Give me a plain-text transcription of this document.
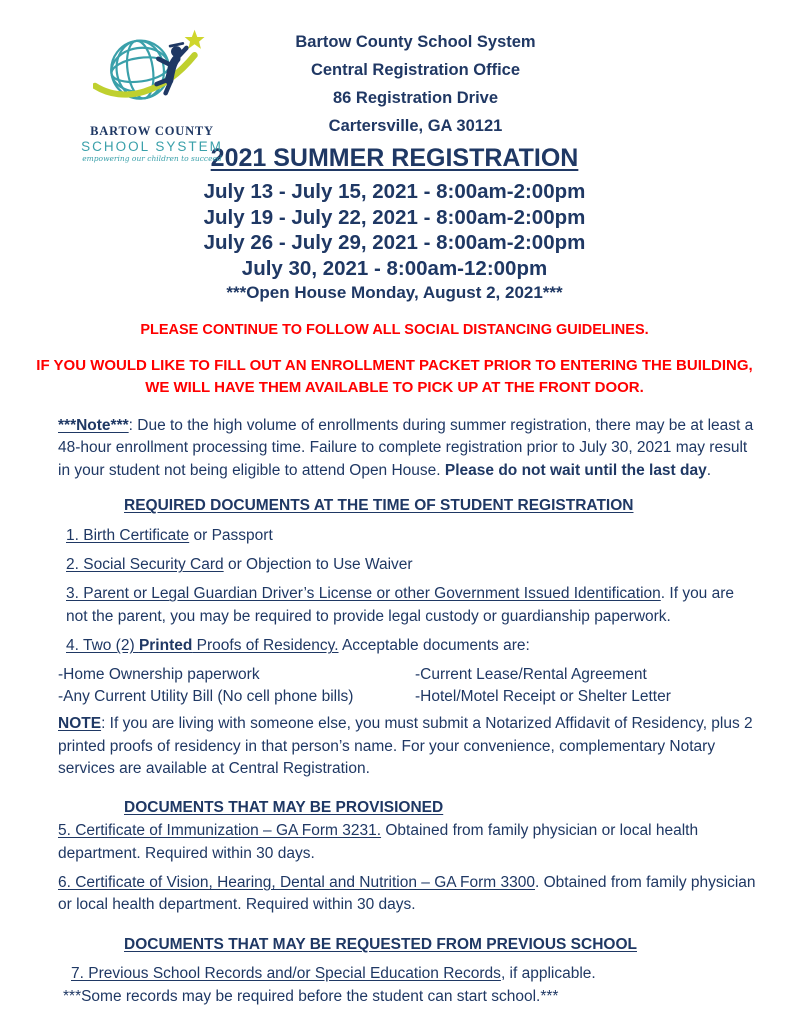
BARTOW COUNTY
SCHOOL SYSTEM
empowering our children to succeed
Bartow County School System
Central Registration Office
86 Registration Drive
Cartersville, GA 30121
2021 SUMMER REGISTRATION
July 13 - July 15, 2021 - 8:00am-2:00pm
July 19 - July 22, 2021 - 8:00am-2:00pm
July 26 - July 29, 2021 - 8:00am-2:00pm
July 30, 2021 - 8:00am-12:00pm
***Open House Monday, August 2, 2021***
PLEASE CONTINUE TO FOLLOW ALL SOCIAL DISTANCING GUIDELINES.
IF YOU WOULD LIKE TO FILL OUT AN ENROLLMENT PACKET PRIOR TO ENTERING THE BUILDING,
WE WILL HAVE THEM AVAILABLE TO PICK UP AT THE FRONT DOOR.

***Note***: Due to the high volume of enrollments during summer registration, there may be at least a 48-hour enrollment processing time. Failure to complete registration prior to July 30, 2021 may result in your student not being eligible to attend Open House. Please do not wait until the last day.

REQUIRED DOCUMENTS AT THE TIME OF STUDENT REGISTRATION

1. Birth Certificate or Passport

2. Social Security Card or Objection to Use Waiver

3. Parent or Legal Guardian Driver’s License or other Government Issued Identification. If you are not the parent, you may be required to provide legal custody or guardianship paperwork.

4. Two (2) Printed Proofs of Residency. Acceptable documents are:

-Home Ownership paperwork
-Any Current Utility Bill (No cell phone bills)
-Current Lease/Rental Agreement
-Hotel/Motel Receipt or Shelter Letter

NOTE: If you are living with someone else, you must submit a Notarized Affidavit of Residency, plus 2 printed proofs of residency in that person’s name. For your convenience, complementary Notary services are available at Central Registration.

DOCUMENTS THAT MAY BE PROVISIONED

5. Certificate of Immunization – GA Form 3231. Obtained from family physician or local health department. Required within 30 days.

6. Certificate of Vision, Hearing, Dental and Nutrition – GA Form 3300. Obtained from family physician or local health department. Required within 30 days.

DOCUMENTS THAT MAY BE REQUESTED FROM PREVIOUS SCHOOL

7. Previous School Records and/or Special Education Records, if applicable.

***Some records may be required before the student can start school.***
